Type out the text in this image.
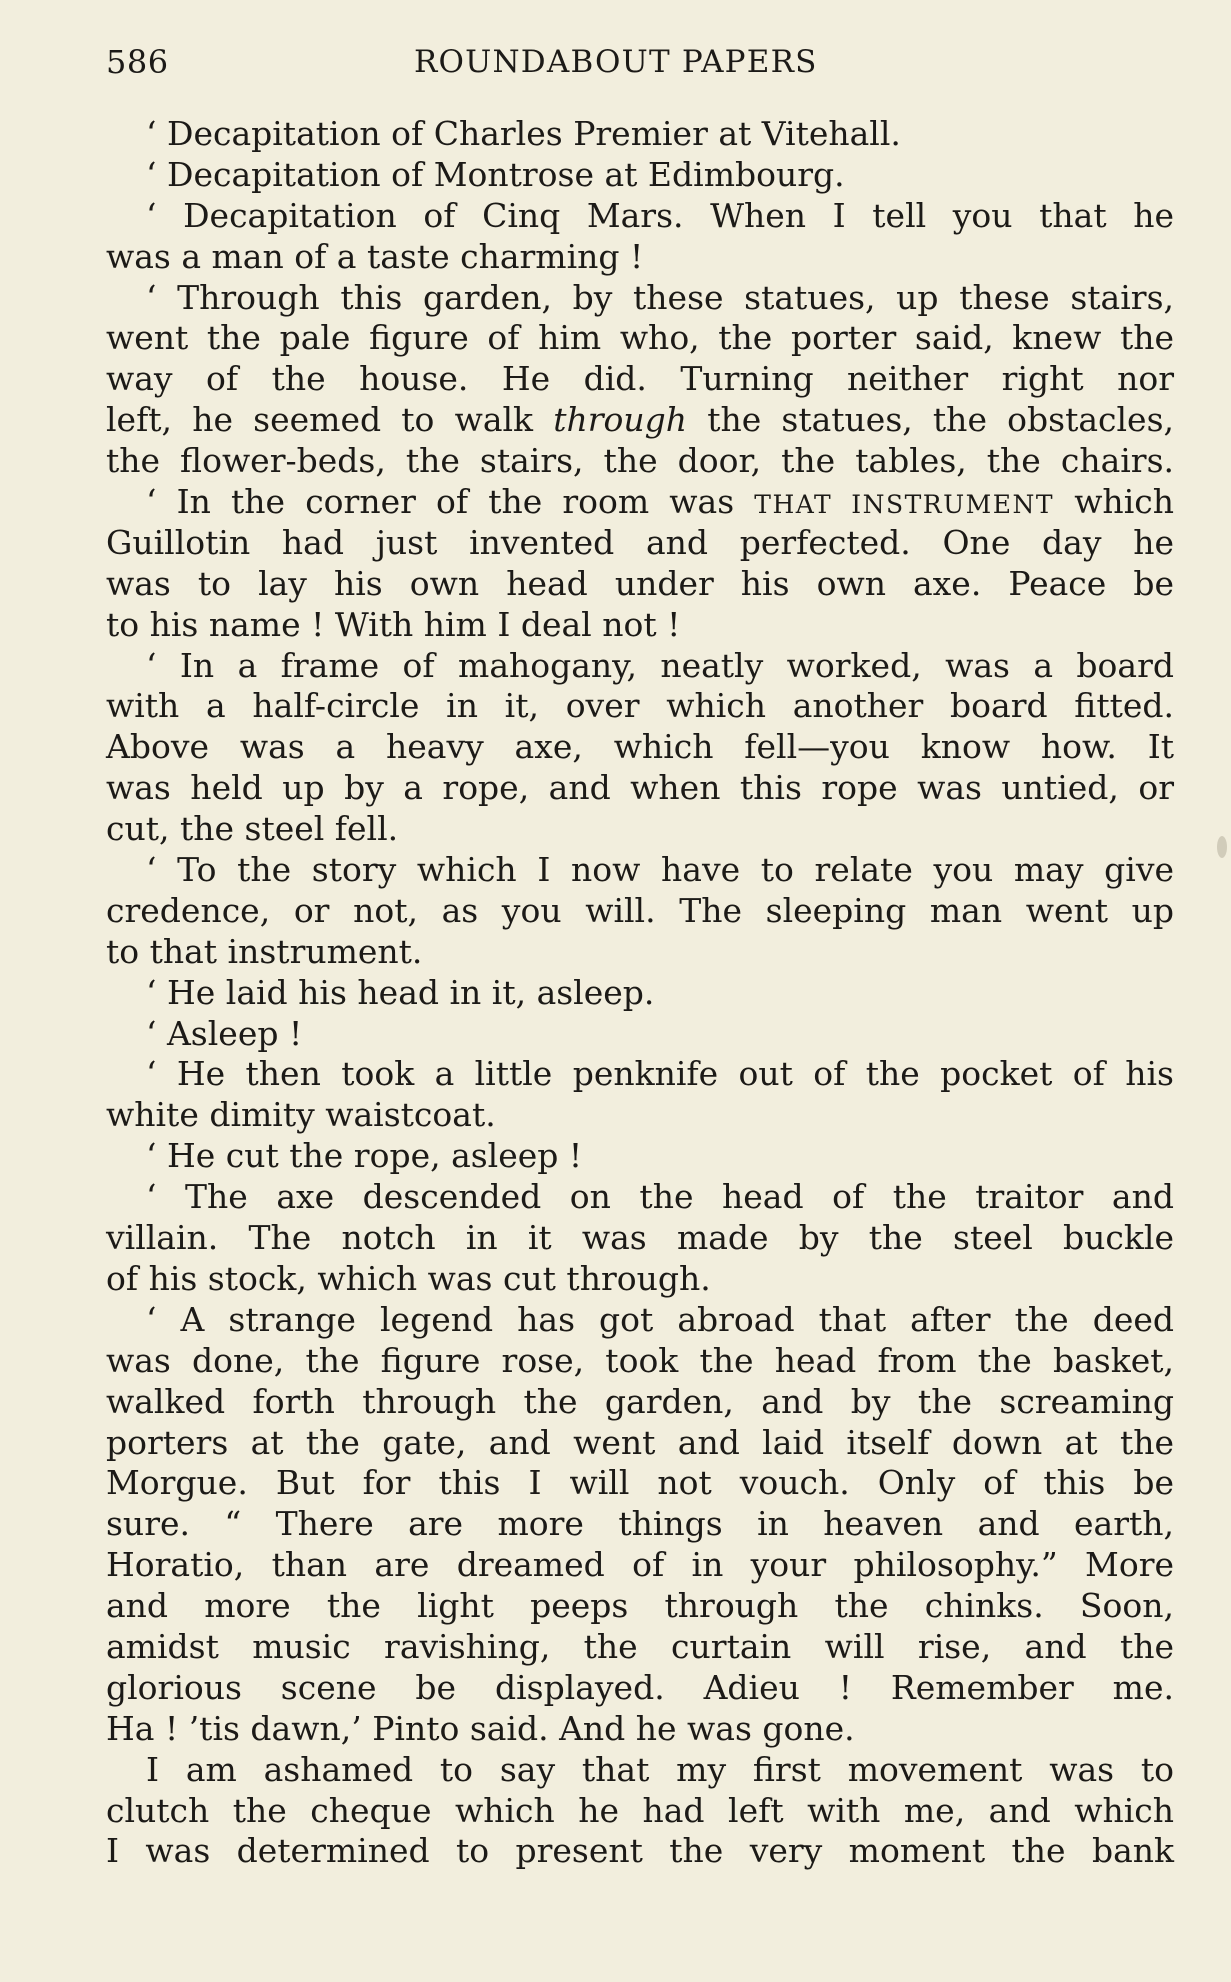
586	ROUNDABOUT PAPERS
‘ Decapitation of Charles Premier at Vitehall.
‘ Decapitation of Montrose at Edimbourg.
‘ Decapitation of Cinq Mars. When I tell you that he
was a man of a taste charming !
‘ Through this garden, by these statues, up these stairs,
went the pale figure of him who, the porter said, knew the
way of the house. He did. Turning neither right nor
left, he seemed to walk through the statues, the obstacles,
the flower-beds, the stairs, the door, the tables, the chairs.
‘ In the corner of the room was THAT INSTRUMENT which
Guillotin had just invented and perfected. One day he
was to lay his own head under his own axe. Peace be
to his name ! With him I deal not !
‘ In a frame of mahogany, neatly worked, was a board
with a half-circle in it, over which another board fitted.
Above was a heavy axe, which fell—you know how. It
was held up by a rope, and when this rope was untied, or
cut, the steel fell.
‘ To the story which I now have to relate you may give
credence, or not, as you will. The sleeping man went up
to that instrument.
‘ He laid his head in it, asleep.
‘ Asleep !
‘ He then took a little penknife out of the pocket of his
white dimity waistcoat.
‘ He cut the rope, asleep !
‘ The axe descended on the head of the traitor and
villain. The notch in it was made by the steel buckle
of his stock, which was cut through.
‘ A strange legend has got abroad that after the deed
was done, the figure rose, took the head from the basket,
walked forth through the garden, and by the screaming
porters at the gate, and went and laid itself down at the
Morgue. But for this I will not vouch. Only of this be
sure. “ There are more things in heaven and earth,
Horatio, than are dreamed of in your philosophy.” More
and more the light peeps through the chinks. Soon,
amidst music ravishing, the curtain will rise, and the
glorious scene be displayed. Adieu ! Remember me.
Ha ! ’tis dawn,’ Pinto said. And he was gone.
I am ashamed to say that my first movement was to
clutch the cheque which he had left with me, and which
I was determined to present the very moment the bank
